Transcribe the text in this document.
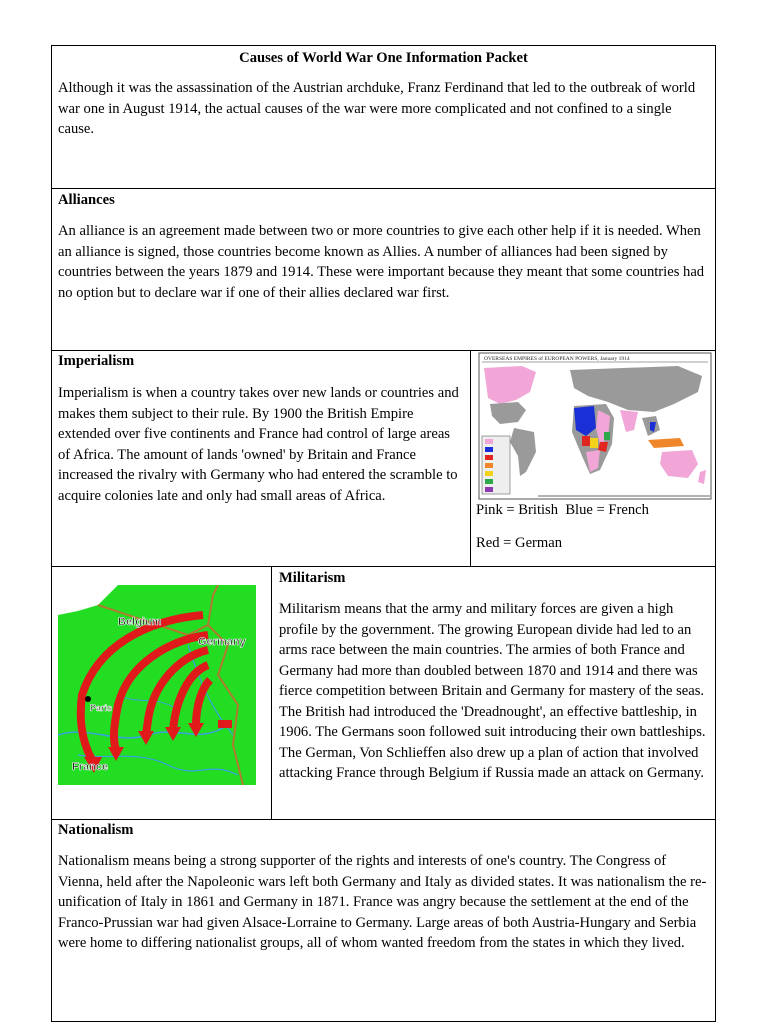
Causes of World War One Information Packet

Although it was the assassination of the Austrian archduke, Franz Ferdinand that led to the outbreak of world war one in August 1914, the actual causes of the war were more complicated and not confined to a single cause.

Alliances

An alliance is an agreement made between two or more countries to give each other help if it is needed. When an alliance is signed, those countries become known as Allies. A number of alliances had been signed by countries between the years 1879 and 1914. These were important because they meant that some countries had no option but to declare war if one of their allies declared war first.

Imperialism

Imperialism is when a country takes over new lands or countries and makes them subject to their rule. By 1900 the British Empire extended over five continents and France had control of large areas of Africa. The amount of lands 'owned' by Britain and France increased the rivalry with Germany who had entered the scramble to acquire colonies late and only had small areas of Africa.

OVERSEAS EMPIRES of EUROPEAN POWERS, January 1914
Pink = British  Blue = French
Red = German
Belgium
Germany
Paris
France
Militarism

Militarism means that the army and military forces are given a high profile by the government. The growing European divide had led to an arms race between the main countries. The armies of both France and Germany had more than doubled between 1870 and 1914 and there was fierce competition between Britain and Germany for mastery of the seas. The British had introduced the 'Dreadnought', an effective battleship, in 1906. The Germans soon followed suit introducing their own battleships. The German, Von Schlieffen also drew up a plan of action that involved attacking France through Belgium if Russia made an attack on Germany.

Nationalism

Nationalism means being a strong supporter of the rights and interests of one's country. The Congress of Vienna, held after the Napoleonic wars left both Germany and Italy as divided states. It was nationalism the re-unification of Italy in 1861 and Germany in 1871. France was angry because the settlement at the end of the Franco-Prussian war had given Alsace-Lorraine to Germany. Large areas of both Austria-Hungary and Serbia were home to differing nationalist groups, all of whom wanted freedom from the states in which they lived.
